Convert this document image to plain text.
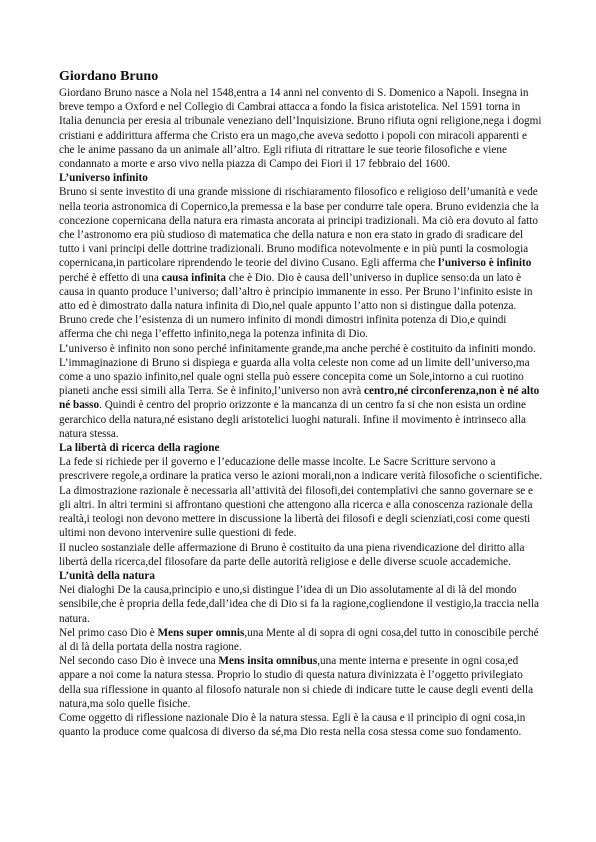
Giordano Bruno

Giordano Bruno nasce a Nola nel 1548,entra a 14 anni nel convento di S. Domenico a Napoli. Insegna in breve tempo a Oxford e nel Collegio di Cambrai attacca a fondo la fisica aristotelica. Nel 1591 torna in Italia denuncia per eresia al tribunale veneziano dell’Inquisizione. Bruno rifiuta ogni religione,nega i dogmi cristiani e addirittura afferma che Cristo era un mago,che aveva sedotto i popoli con miracoli apparenti e che le anime passano da un animale all’altro. Egli rifiuta di ritrattare le sue teorie filosofiche e viene condannato a morte e arso vivo nella piazza di Campo dei Fiori il 17 febbraio del 1600.

L’universo infinito

Bruno si sente investito di una grande missione di rischiaramento filosofico e religioso dell’umanità e vede nella teoria astronomica di Copernico,la premessa e la base per condurre tale opera. Bruno evidenzia che la concezione copernicana della natura era rimasta ancorata ai principi tradizionali. Ma ciò era dovuto al fatto che l’astronomo era più studioso di matematica che della natura e non era stato in grado di sradicare del tutto i vani principi delle dottrine tradizionali. Bruno modifica notevolmente e in più punti la cosmologia copernicana,in particolare riprendendo le teorie del divino Cusano. Egli afferma che l’universo è infinito perché è effetto di una causa infinita che è Dio. Dio è causa dell’universo in duplice senso:da un lato è causa in quanto produce l’universo; dall’altro è principio immanente in esso. Per Bruno l’infinito esiste in atto ed è dimostrato dalla natura infinita di Dio,nel quale appunto l’atto non si distingue dalla potenza. Bruno crede che l’esistenza di un numero infinito di mondi dimostri infinita potenza di Dio,e quindi afferma che chi nega l’effetto infinito,nega la potenza infinita di Dio.

L’universo è infinito non sono perché infinitamente grande,ma anche perché è costituito da infiniti mondo. L’immaginazione di Bruno si dispiega e guarda alla volta celeste non come ad un limite dell’universo,ma come a uno spazio infinito,nel quale ogni stella può essere concepita come un Sole,intorno a cui ruotino pianeti anche essi simili alla Terra. Se è infinito,l’universo non avrà centro,né circonferenza,non è né alto né basso. Quindi è centro del proprio orizzonte e la mancanza di un centro fa si che non esista un ordine gerarchico della natura,né esistano degli aristotelici luoghi naturali. Infine il movimento è intrinseco alla natura stessa.

La libertà di ricerca della ragione

La fede si richiede per il governo e l’educazione delle masse incolte. Le Sacre Scritture servono a prescrivere regole,a ordinare la pratica verso le azioni morali,non a indicare verità filosofiche o scientifiche. La dimostrazione razionale è necessaria all’attività dei filosofi,dei contemplativi che sanno governare se e gli altri. In altri termini si affrontano questioni che attengono alla ricerca e alla conoscenza razionale della realtà,i teologi non devono mettere in discussione la libertà dei filosofi e degli scienziati,cosi come questi ultimi non devono intervenire sulle questioni di fede.

Il nucleo sostanziale delle affermazione di Bruno è costituito da una piena rivendicazione del diritto alla libertà della ricerca,del filosofare da parte delle autorità religiose e delle diverse scuole accademiche.

L’unità della natura

Nei dialoghi De la causa,principio e uno,si distingue l’idea di un Dio assolutamente al di là del mondo sensibile,che è propria della fede,dall’idea che di Dio si fa la ragione,cogliendone il vestigio,la traccia nella natura.

Nel primo caso Dio è Mens super omnis,una Mente al di sopra di ogni cosa,del tutto in conoscibile perché al di là della portata della nostra ragione.

Nel secondo caso Dio è invece una Mens insita omnibus,una mente interna e presente in ogni cosa,ed appare a noi come la natura stessa. Proprio lo studio di questa natura divinizzata è l’oggetto privilegiato della sua riflessione in quanto al filosofo naturale non si chiede di indicare tutte le cause degli eventi della natura,ma solo quelle fisiche.

Come oggetto di riflessione nazionale Dio è la natura stessa. Egli è la causa e il principio di ogni cosa,in quanto la produce come qualcosa di diverso da sé,ma Dio resta nella cosa stessa come suo fondamento.
